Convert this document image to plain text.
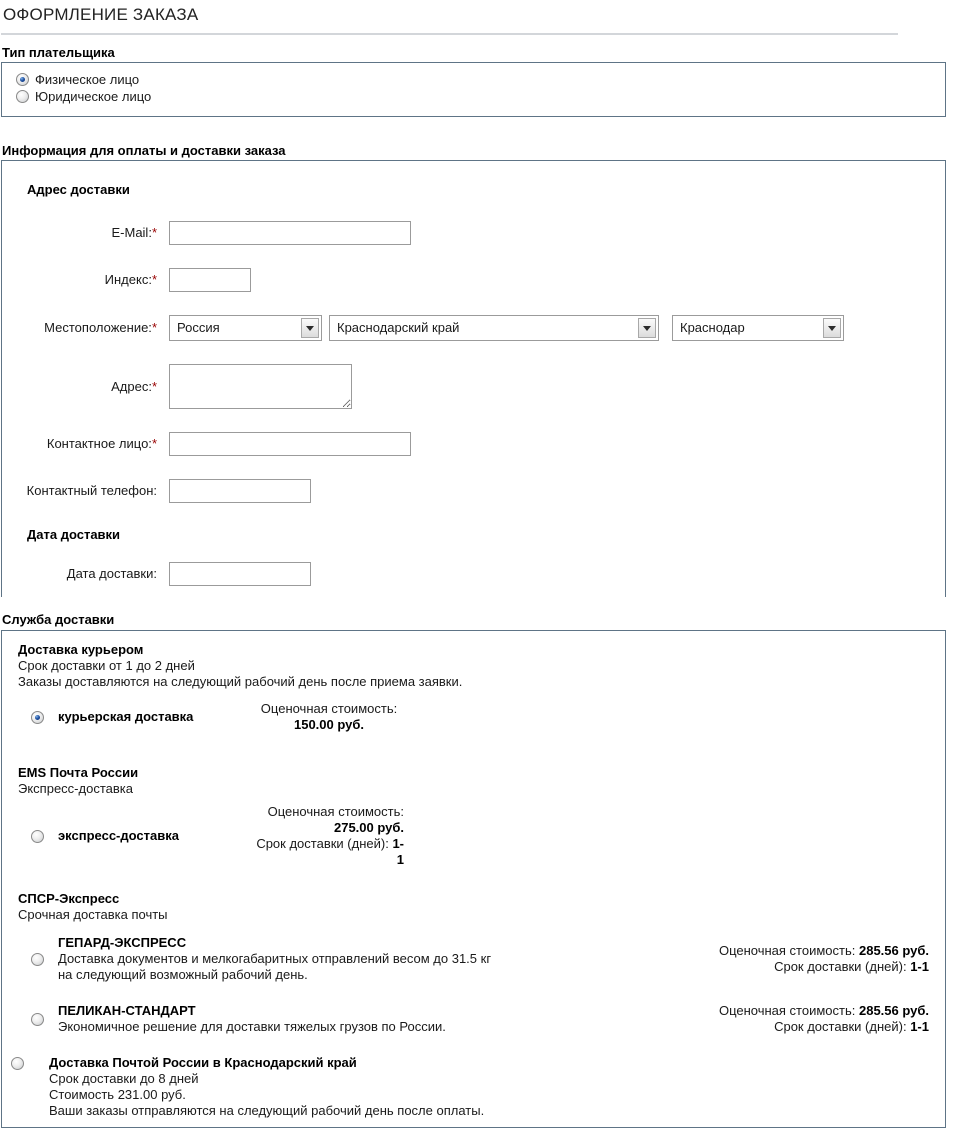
ОФОРМЛЕНИЕ ЗАКАЗА
Тип плательщика
Физическое лицо
Юридическое лицо
Информация для оплаты и доставки заказа
Адрес доставки
E-Mail:*
Индекс:*
Местоположение:* Россия	Краснодарский край	Краснодар
Адрес:*
Контактное лицо:*
Контактный телефон:
Дата доставки
Дата доставки:
Служба доставки
Доставка курьером
Срок доставки от 1 до 2 дней
Заказы доставляются на следующий рабочий день после приема заявки.
курьерская доставка
Оценочная стоимость:
150.00 руб.
EMS Почта России
Экспресс-доставка
экспресс-доставка
Оценочная стоимость:
275.00 руб.
Срок доставки (дней): 1-1
СПСР-Экспресс
Срочная доставка почты
ГЕПАРД-ЭКСПРЕСС
Доставка документов и мелкогабаритных отправлений весом до 31.5 кг
на следующий возможный рабочий день.
Оценочная стоимость: 285.56 руб.
Срок доставки (дней): 1-1
ПЕЛИКАН-СТАНДАРТ
Экономичное решение для доставки тяжелых грузов по России.
Оценочная стоимость: 285.56 руб.
Срок доставки (дней): 1-1
Доставка Почтой России в Краснодарский край
Срок доставки до 8 дней
Стоимость 231.00 руб.
Ваши заказы отправляются на следующий рабочий день после оплаты.
